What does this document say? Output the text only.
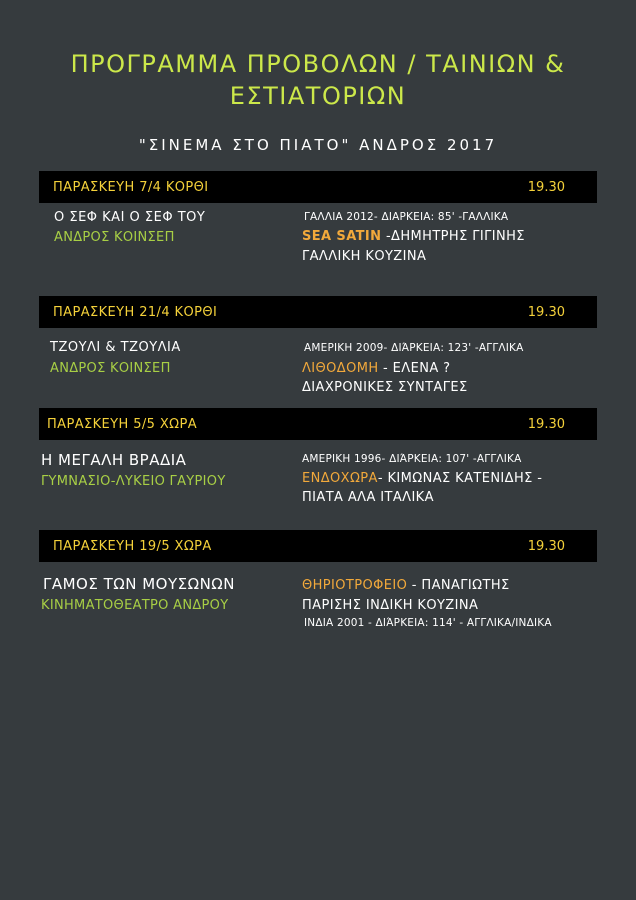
ΠΡΟΓΡΑΜΜΑ ΠΡΟΒΟΛΩΝ / ΤΑΙΝΙΩΝ &
ΕΣΤΙΑΤΟΡΙΩΝ
"ΣΙΝΕΜΑ ΣΤΟ ΠΙΑΤΟ" ΑΝΔΡΟΣ 2017
ΠΑΡΑΣΚΕΥΗ 7/4 ΚΟΡΘΙ	19.30
Ο ΣΕΦ ΚΑΙ Ο ΣΕΦ ΤΟΥ
ΑΝΔΡΟΣ ΚΟΙΝΣΕΠ
ΓΑΛΛΙΑ 2012- ΔΙΑΡΚΕΙΑ: 85' -ΓΑΛΛΙΚΑ
SEA SATIN -ΔΗΜΗΤΡΗΣ ΓΙΓΙΝΗΣ
ΓΑΛΛΙΚΗ ΚΟΥΖΙΝΑ
ΠΑΡΑΣΚΕΥΗ 21/4 ΚΟΡΘΙ	19.30
ΤΖΟΥΛΙ & ΤΖΟΥΛΙΑ
ΑΝΔΡΟΣ ΚΟΙΝΣΕΠ
ΑΜΕΡΙΚΗ 2009- ΔΙΆΡΚΕΙΑ: 123' -ΑΓΓΛΙΚΑ
ΛΙΘΟΔΟΜΗ - ΕΛΕΝΑ ?
ΔΙΑΧΡΟΝΙΚΕΣ ΣΥΝΤΑΓΕΣ
ΠΑΡΑΣΚΕΥΗ 5/5 ΧΩΡΑ	19.30
Η ΜΕΓΑΛΗ ΒΡΑΔΙΑ
ΓΥΜΝΑΣΙΟ-ΛΥΚΕΙΟ ΓΑΥΡΙΟΥ
ΑΜΕΡΙΚΗ 1996- ΔΙΆΡΚΕΙΑ: 107' -ΑΓΓΛΙΚΑ
ΕΝΔΟΧΩΡΑ- ΚΙΜΩΝΑΣ ΚΑΤΕΝΙΔΗΣ -
ΠΙΑΤΑ ΑΛΑ ΙΤΑΛΙΚΑ
ΠΑΡΑΣΚΕΥΗ 19/5 ΧΩΡΑ	19.30
ΓΑΜΟΣ ΤΩΝ ΜΟΥΣΩΝΩΝ
ΚΙΝΗΜΑΤΟΘΕΑΤΡΟ ΑΝΔΡΟΥ
ΘΗΡΙΟΤΡΟΦΕΙΟ - ΠΑΝΑΓΙΩΤΗΣ
ΠΑΡΙΣΗΣ ΙΝΔΙΚΗ ΚΟΥΖΙΝΑ
ΙΝΔΙΑ 2001 - ΔΙΆΡΚΕΙΑ: 114' - ΑΓΓΛΙΚΑ/ΙΝΔΙΚΑ
